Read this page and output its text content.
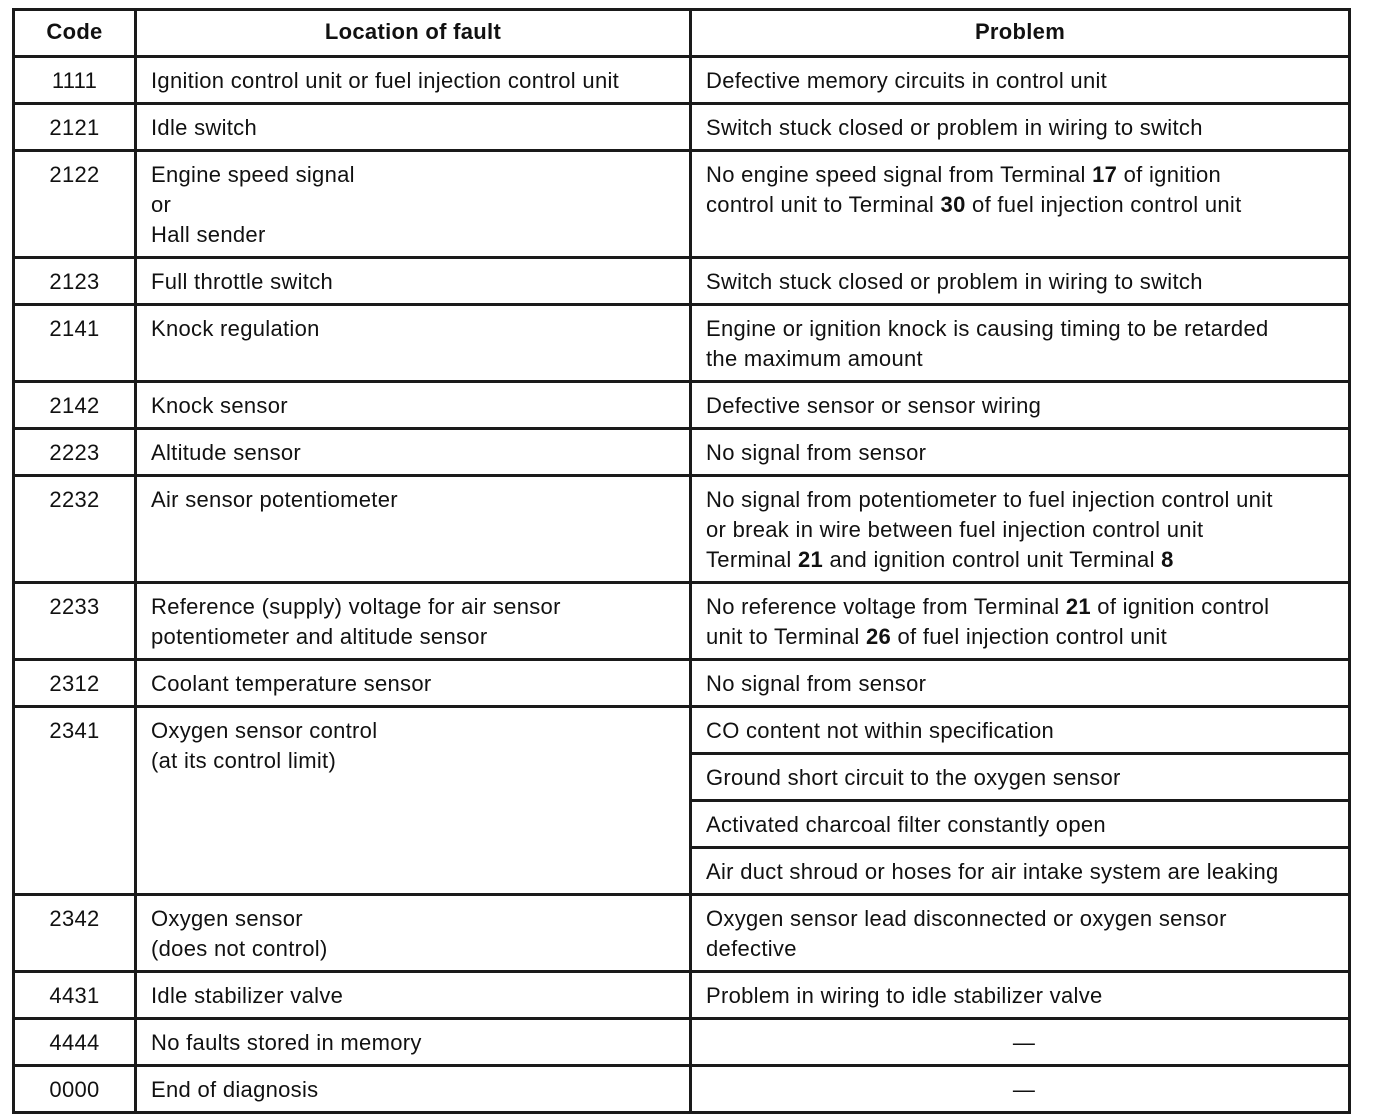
Code	Location of fault	Problem
1111	Ignition control unit or fuel injection control unit	Defective memory circuits in control unit

2121	Idle switch	Switch stuck closed or problem in wiring to switch

2122	Engine speed signal
or
Hall sender	No engine speed signal from Terminal 17 of ignition
control unit to Terminal 30 of fuel injection control unit

2123	Full throttle switch	Switch stuck closed or problem in wiring to switch

2141	Knock regulation	Engine or ignition knock is causing timing to be retarded
the maximum amount

2142	Knock sensor	Defective sensor or sensor wiring

2223	Altitude sensor	No signal from sensor

2232	Air sensor potentiometer	No signal from potentiometer to fuel injection control unit
or break in wire between fuel injection control unit
Terminal 21 and ignition control unit Terminal 8

2233	Reference (supply) voltage for air sensor
potentiometer and altitude sensor	No reference voltage from Terminal 21 of ignition control
unit to Terminal 26 of fuel injection control unit

2312	Coolant temperature sensor	No signal from sensor

2341	Oxygen sensor control
(at its control limit)	CO content not within specification

		Ground short circuit to the oxygen sensor

		Activated charcoal filter constantly open

		Air duct shroud or hoses for air intake system are leaking

2342	Oxygen sensor
(does not control)	Oxygen sensor lead disconnected or oxygen sensor
defective

4431	Idle stabilizer valve	Problem in wiring to idle stabilizer valve

4444	No faults stored in memory	—

0000	End of diagnosis	—
